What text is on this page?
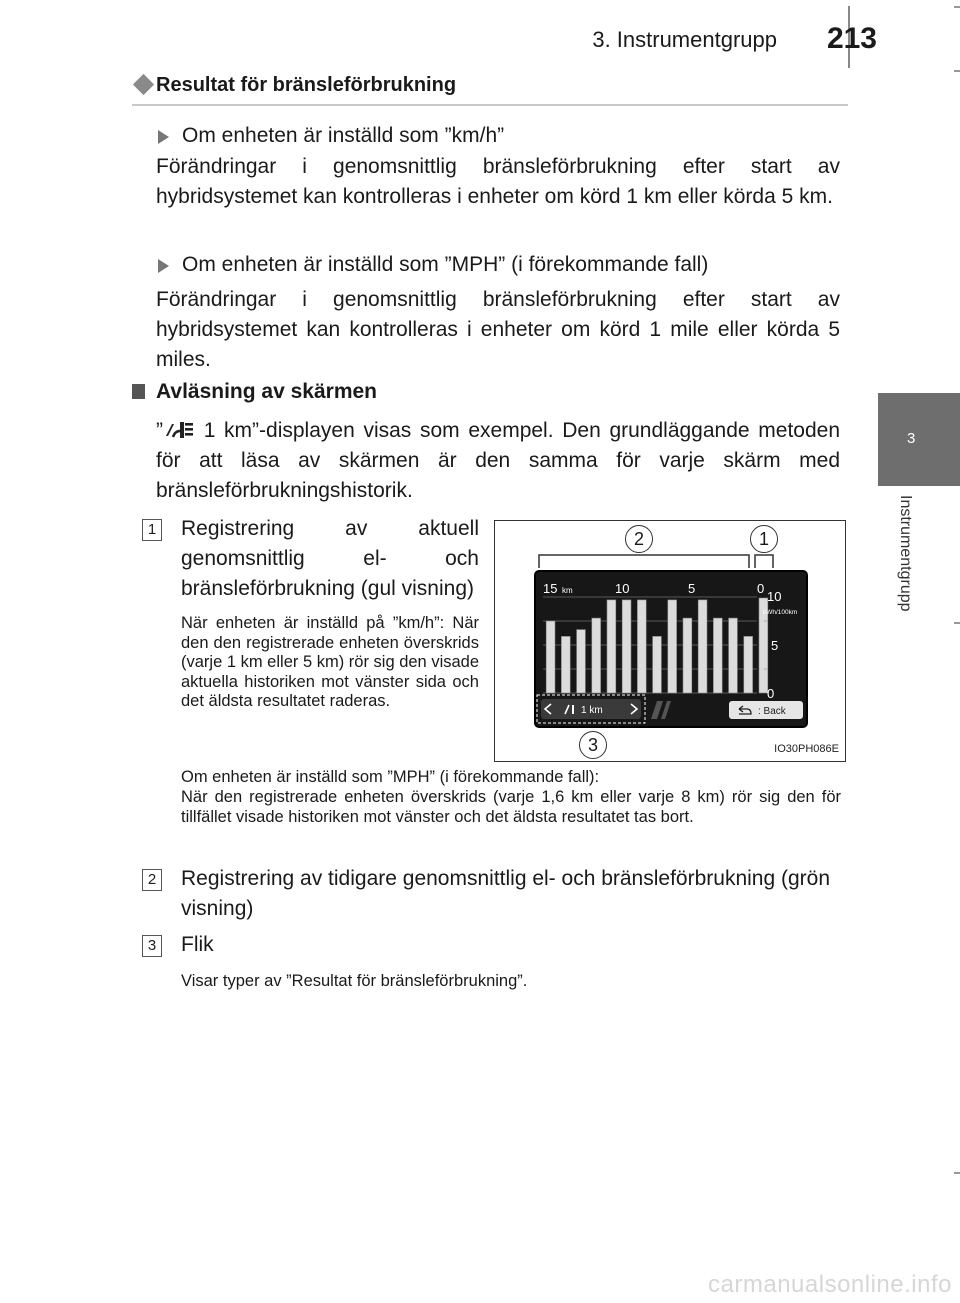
3. Instrumentgrupp 213
3
Instrumentgrupp
Resultat för bränsleförbrukning
Om enheten är inställd som ”km/h”

Förändringar i genomsnittlig bränsleförbrukning efter start av hybridsystemet kan kontrolleras i enheter om körd 1 km eller körda 5 km.

Om enheten är inställd som ”MPH” (i förekommande fall)

Förändringar i genomsnittlig bränsleförbrukning efter start av hybridsystemet kan kontrolleras i enheter om körd 1 mile eller körda 5 miles.

Avläsning av skärmen

” 1 km”-displayen visas som exempel. Den grundläggande metoden för att läsa av skärmen är den samma för varje skärm med bränsleförbrukningshistorik.

1 Registrering av aktuell genomsnittlig el- och bränsleförbrukning (gul visning)

När enheten är inställd på ”km/h”: När den den registrerade enheten överskrids (varje 1 km eller 5 km) rör sig den visade aktuella historiken mot vänster sida och det äldsta resultatet raderas.

Om enheten är inställd som ”MPH” (i förekommande fall):

När den registrerade enheten överskrids (varje 1,6 km eller varje 8 km) rör sig den för tillfället visade historiken mot vänster och det äldsta resultatet tas bort.

15 km	10	5	0
10
kWh/100km
5
0
1 km	: Back
2	1
3	IO30PH086E
2 Registrering av tidigare genomsnittlig el- och bränsleförbrukning (grön visning)

3 Flik

Visar typer av ”Resultat för bränsleförbrukning”.

carmanualsonline.info
